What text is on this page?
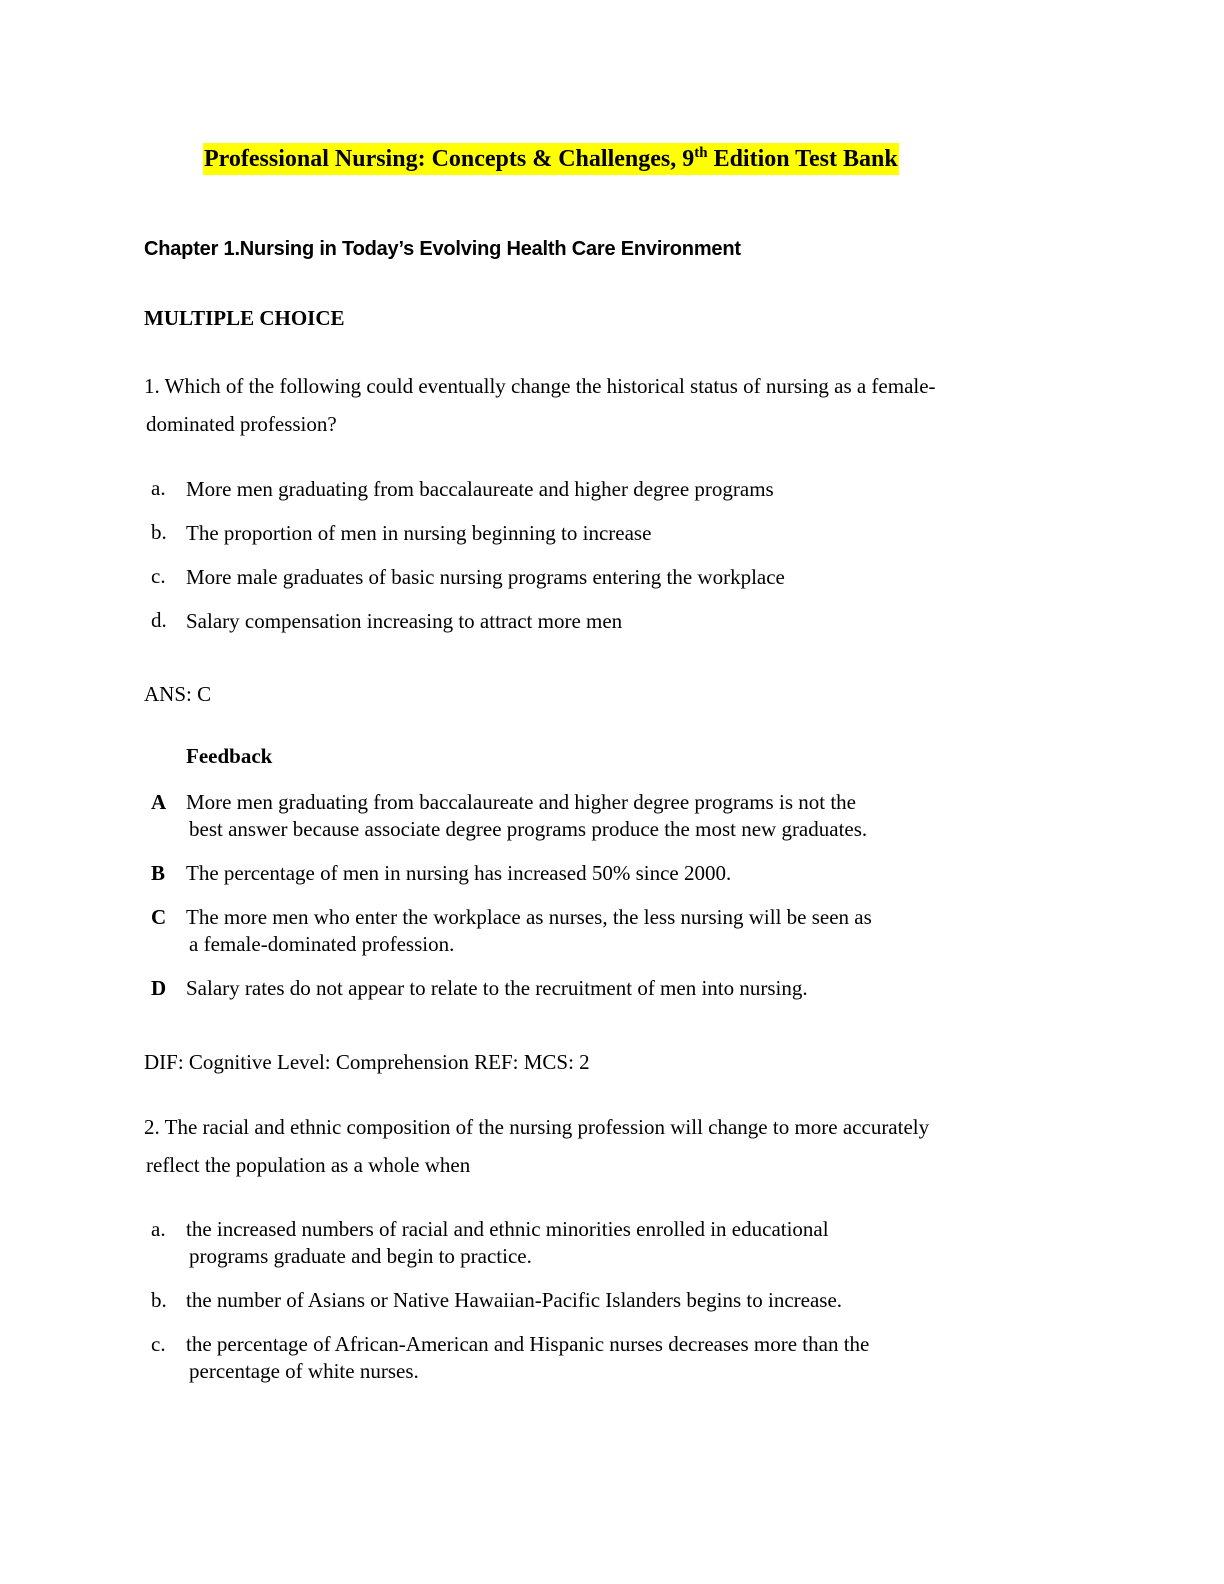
Professional Nursing: Concepts & Challenges, 9th Edition Test Bank
Chapter 1.Nursing in Today’s Evolving Health Care Environment
MULTIPLE CHOICE
1. Which of the following could eventually change the historical status of nursing as a female-
dominated profession?
a. More men graduating from baccalaureate and higher degree programs
b. The proportion of men in nursing beginning to increase
c. More male graduates of basic nursing programs entering the workplace
d. Salary compensation increasing to attract more men
ANS: C
Feedback
A More men graduating from baccalaureate and higher degree programs is not the
best answer because associate degree programs produce the most new graduates.
B The percentage of men in nursing has increased 50% since 2000.
C The more men who enter the workplace as nurses, the less nursing will be seen as
a female-dominated profession.
D Salary rates do not appear to relate to the recruitment of men into nursing.
DIF: Cognitive Level: Comprehension REF: MCS: 2
2. The racial and ethnic composition of the nursing profession will change to more accurately
reflect the population as a whole when
a. the increased numbers of racial and ethnic minorities enrolled in educational
programs graduate and begin to practice.
b. the number of Asians or Native Hawaiian-Pacific Islanders begins to increase.
c. the percentage of African-American and Hispanic nurses decreases more than the
percentage of white nurses.
